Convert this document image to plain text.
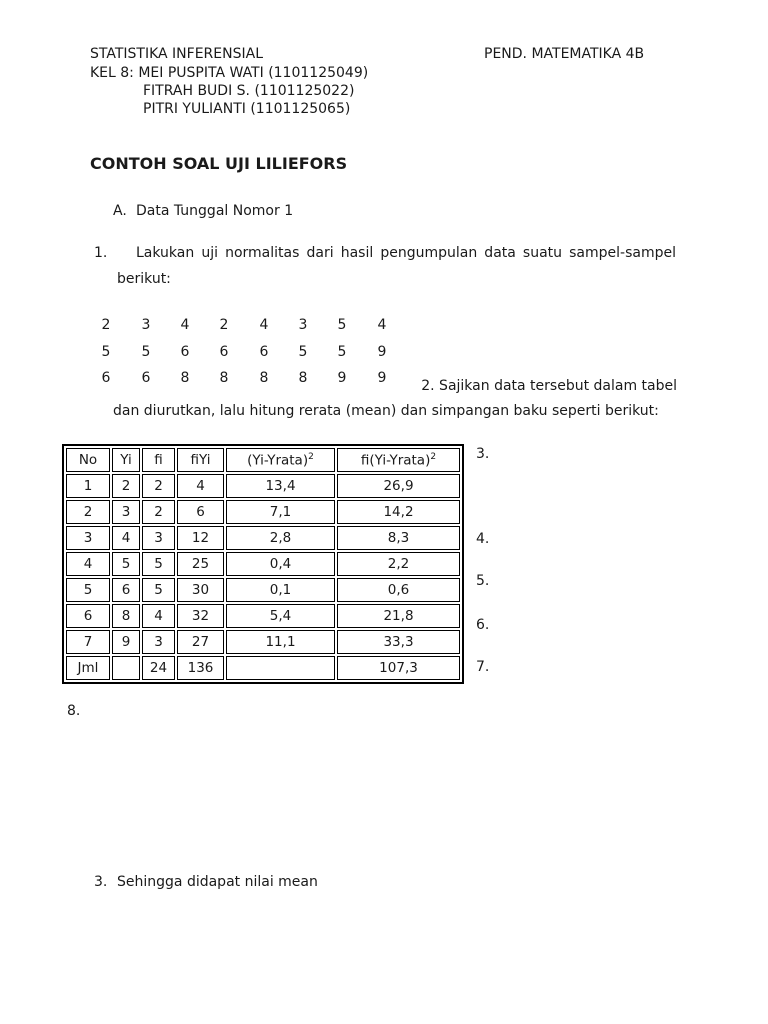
STATISTIKA INFERENSIAL	PEND. MATEMATIKA 4B
KEL 8: MEI PUSPITA WATI (1101125049)
FITRAH BUDI S. (1101125022)
PITRI YULIANTI (1101125065)
CONTOH SOAL UJI LILIEFORS
A. Data Tunggal Nomor 1
1. Lakukan uji normalitas dari hasil pengumpulan data suatu sampel-sampel
berikut:
2	3	4	2	4	3	5	4
5	5	6	6	6	5	5	9
6	6	8	8	8	8	9	9	2. Sajikan data tersebut dalam tabel
dan diurutkan, lalu hitung rerata (mean) dan simpangan baku seperti berikut:
No	Yi	fi	fiYi	(Yi-Yrata)$^2$	fi(Yi-Yrata)$^2$
1	2	2	4	13,4	26,9
2	3	2	6	7,1	14,2
3	4	3	12	2,8	8,3
4	5	5	25	0,4	2,2
5	6	5	30	0,1	0,6
6	8	4	32	5,4	21,8
7	9	3	27	11,1	33,3
Jml		24	136		107,3
3.
4.
5.
6.
7.
8.
3. Sehingga didapat nilai mean
